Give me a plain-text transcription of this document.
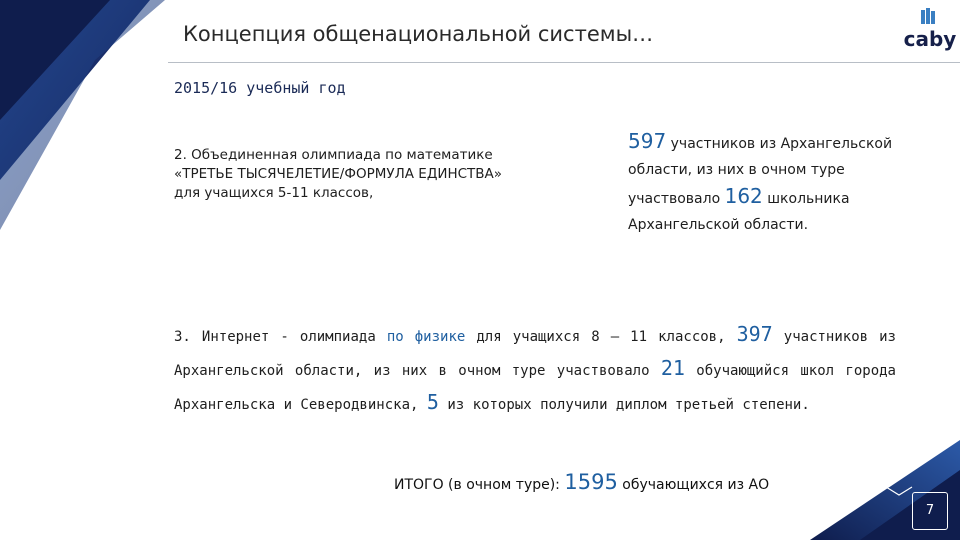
Концепция общенациональной системы…	caby
2015/16 учебный год
2. Объединенная олимпиада по математике
«ТРЕТЬЕ ТЫСЯЧЕЛЕТИЕ/ФОРМУЛА ЕДИНСТВА»
для учащихся 5-11 классов,
597 участников из Архангельской
области, из них в очном туре
участвовало 162 школьника
Архангельской области.
3. Интернет - олимпиада по физике для учащихся 8 – 11 классов, 397 участников из Архангельской области, из них в очном туре участвовало 21 обучающийся школ города Архангельска и Северодвинска, 5 из которых получили диплом третьей степени.
ИТОГО (в очном туре): 1595 обучающихся из АО
7
